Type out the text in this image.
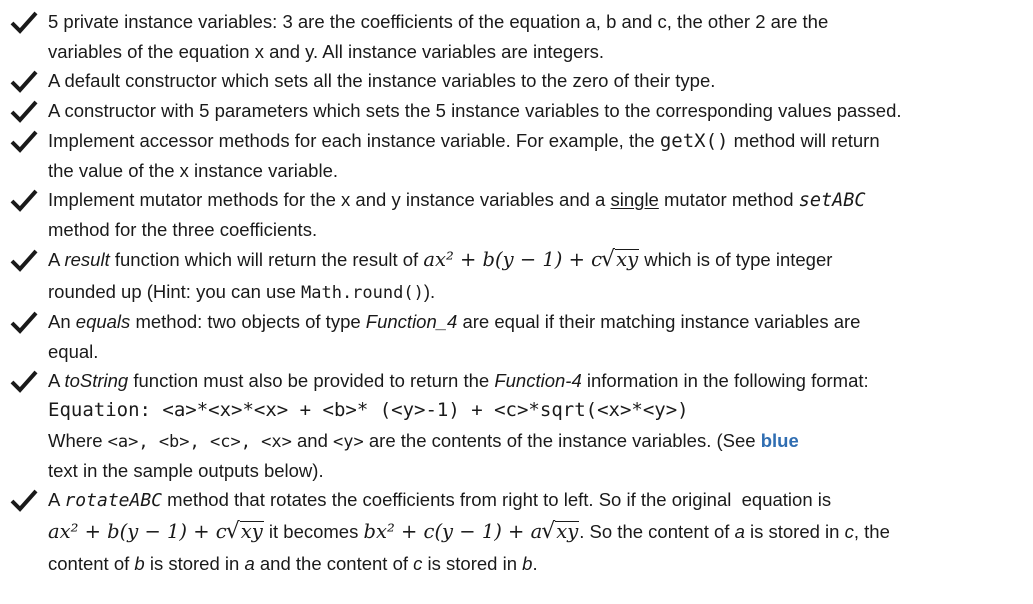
5 private instance variables: 3 are the coefficients of the equation a, b and c, the other 2 are the
variables of the equation x and y. All instance variables are integers.
A default constructor which sets all the instance variables to the zero of their type.
A constructor with 5 parameters which sets the 5 instance variables to the corresponding values passed.
Implement accessor methods for each instance variable. For example, the getX() method will return
the value of the x instance variable.
Implement mutator methods for the x and y instance variables and a single mutator method setABC
method for the three coefficients.
A result function which will return the result of ax² + b(y − 1) + c√xy which is of type integer
rounded up (Hint: you can use Math.round()).
An equals method: two objects of type Function_4 are equal if their matching instance variables are
equal.
A toString function must also be provided to return the Function-4 information in the following format:
Equation: <a>*<x>*<x> + <b>* (<y>-1) + <c>*sqrt(<x>*<y>)
Where <a>, <b>, <c>, <x> and <y> are the contents of the instance variables. (See blue
text in the sample outputs below).
A rotateABC method that rotates the coefficients from right to left. So if the original  equation is
ax² + b(y − 1) + c√xy it becomes bx² + c(y − 1) + a√xy. So the content of a is stored in c, the
content of b is stored in a and the content of c is stored in b.
